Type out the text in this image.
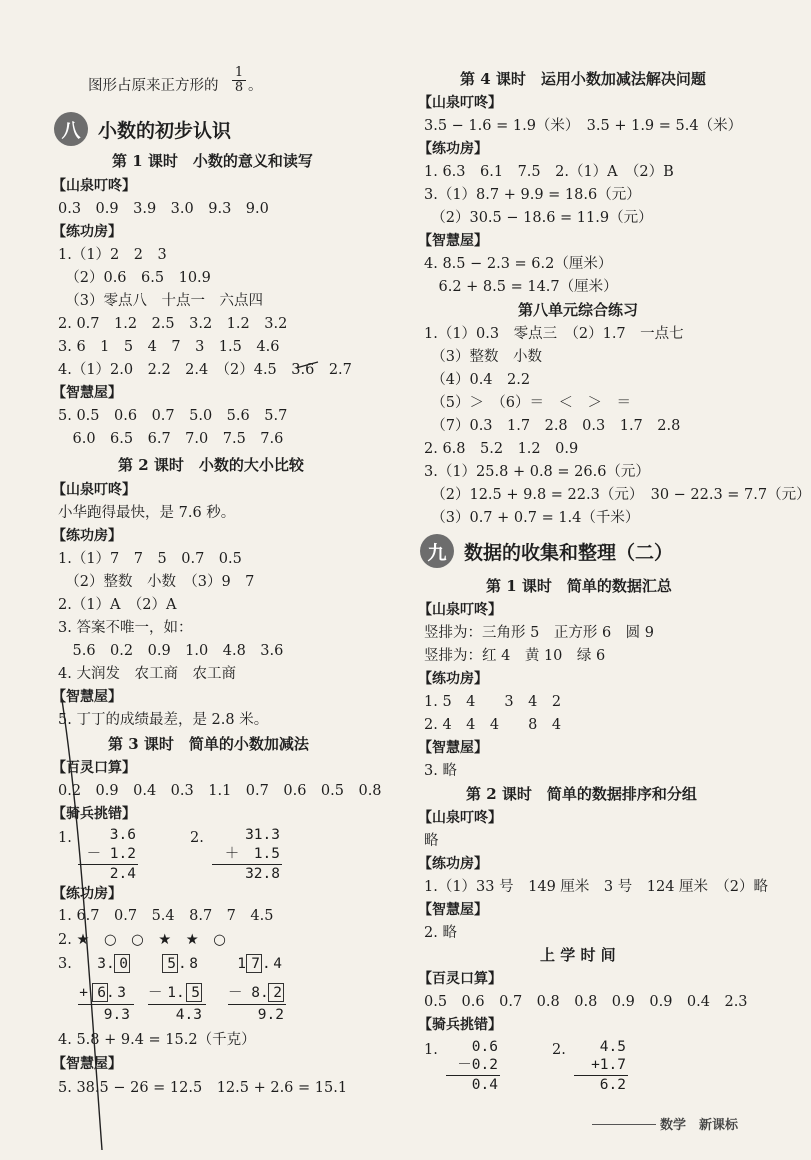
图形占原来正方形的 $\frac{1}{8}$ 。
八 小数的初步认识
第 1 课时　小数的意义和读写
【山泉叮咚】
0.3　0.9　3.9　3.0　9.3　9.0
【练功房】
1.（1）2　2　3
　（2）0.6　6.5　10.9
　（3）零点八　十点一　六点四
2. 0.7　1.2　2.5　3.2　1.2　3.2
3. 6　1　5　4　7　3　1.5　4.6
4.（1）2.0　2.2　2.4　（2）4.5　3.6　2.7
【智慧屋】
5. 0.5　0.6　0.7　5.0　5.6　5.7
　6.0　6.5　6.7　7.0　7.5　7.6
第 2 课时　小数的大小比较
【山泉叮咚】
小华跑得最快，是 7.6 秒。
【练功房】
1.（1）7　7　5　0.7　0.5
　（2）整数　小数　（3）9　7
2.（1）A　（2）A
3. 答案不唯一，如：
　5.6　0.2　0.9　1.0　4.8　3.6
4. 大润发　农工商　农工商
【智慧屋】
5. 丁丁的成绩最差，是 2.8 米。
第 3 课时　简单的小数加减法
【百灵口算】
0.2　0.9　0.4　0.3　1.1　0.7　0.6　0.5　0.8
【骑兵挑错】
1.	3.6
－ 1.2
2.4
2.	31.3
＋　1.5
32.8
【练功房】
1. 6.7　0.7　5.4　8.7　7　4.5
2. ★　○　○　★　★　○
3. 3 . 0
+ 6 . 3
9.3
5 . 8
－ 1 . 5
4.3
1 7 . 4
－ 8 . 2
9.2
4. 5.8 + 9.4 = 15.2（千克）
【智慧屋】
5. 38.5 − 26 = 12.5　12.5 + 2.6 = 15.1
第 4 课时　运用小数加减法解决问题
【山泉叮咚】
3.5 − 1.6 = 1.9（米）　3.5 + 1.9 = 5.4（米）
【练功房】
1. 6.3　6.1　7.5　2.（1）A　（2）B
3.（1）8.7 + 9.9 = 18.6（元）
　（2）30.5 − 18.6 = 11.9（元）
【智慧屋】
4. 8.5 − 2.3 = 6.2（厘米）
　6.2 + 8.5 = 14.7（厘米）
第八单元综合练习
1.（1）0.3　零点三　（2）1.7　一点七
　（3）整数　小数
　（4）0.4　2.2
　（5）＞　（6）＝　＜　＞　＝
　（7）0.3　1.7　2.8　0.3　1.7　2.8
2. 6.8　5.2　1.2　0.9
3.（1）25.8 + 0.8 = 26.6（元）
　（2）12.5 + 9.8 = 22.3（元）　30 − 22.3 = 7.7（元）
　（3）0.7 + 0.7 = 1.4（千米）
九 数据的收集和整理（二）
第 1 课时　简单的数据汇总
【山泉叮咚】
竖排为：三角形 5　正方形 6　圆 9
竖排为：红 4　黄 10　绿 6
【练功房】
1. 5　4　　3　4　2
2. 4　4　4　　8　4
【智慧屋】
3. 略
第 2 课时　简单的数据排序和分组
【山泉叮咚】
略
【练功房】
1.（1）33 号　149 厘米　3 号　124 厘米　（2）略
【智慧屋】
2. 略
上 学 时 间
【百灵口算】
0.5　0.6　0.7　0.8　0.8　0.9　0.9　0.4　2.3
【骑兵挑错】
1.	0.6
－0.2
0.4
2.	4.5
+1.7
6.2
数学　新课标
